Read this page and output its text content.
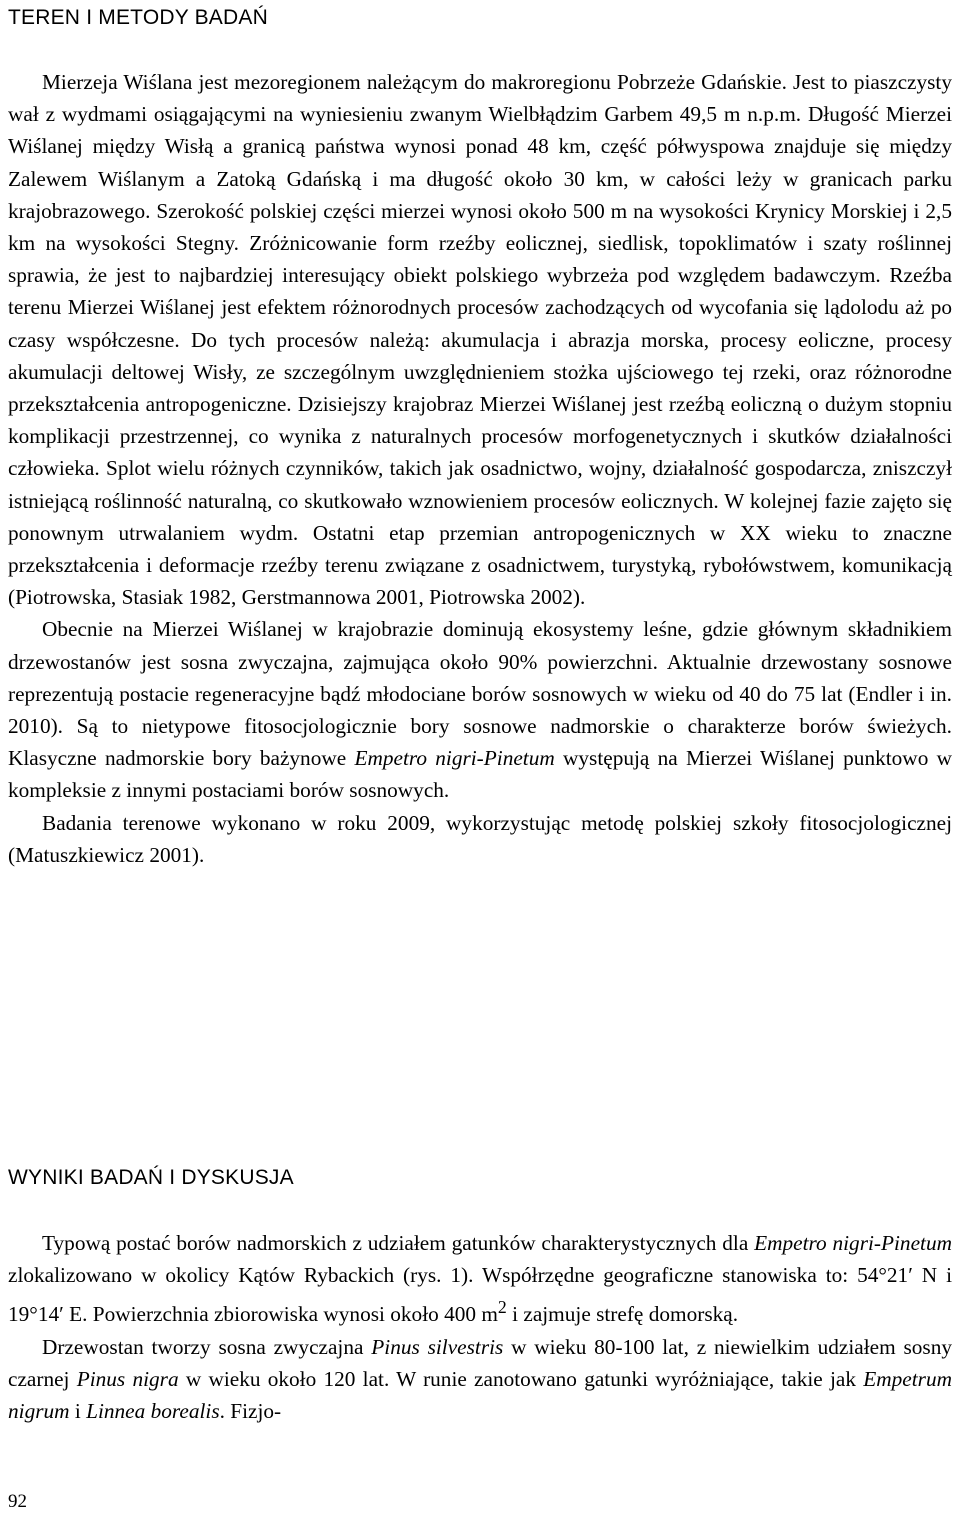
TEREN I METODY BADAŃ

Mierzeja Wiślana jest mezoregionem należącym do makroregionu Pobrzeże Gdańskie. Jest to piaszczysty wał z wydmami osiągającymi na wyniesieniu zwanym Wielbłądzim Garbem 49,5 m n.p.m. Długość Mierzei Wiślanej między Wisłą a granicą państwa wynosi ponad 48 km, część półwyspowa znajduje się między Zalewem Wiślanym a Zatoką Gdańską i ma długość około 30 km, w całości leży w granicach parku krajobrazowego. Szerokość polskiej części mierzei wynosi około 500 m na wysokości Krynicy Morskiej i 2,5 km na wysokości Stegny. Zróżnicowanie form rzeźby eolicznej, siedlisk, topoklimatów i szaty roślinnej sprawia, że jest to najbardziej interesujący obiekt polskiego wybrzeża pod względem badawczym. Rzeźba terenu Mierzei Wiślanej jest efektem różnorodnych procesów zachodzących od wycofania się lądolodu aż po czasy współczesne. Do tych procesów należą: akumulacja i abrazja morska, procesy eoliczne, procesy akumulacji deltowej Wisły, ze szczególnym uwzględnieniem stożka ujściowego tej rzeki, oraz różnorodne przekształcenia antropogeniczne. Dzisiejszy krajobraz Mierzei Wiślanej jest rzeźbą eoliczną o dużym stopniu komplikacji przestrzennej, co wynika z naturalnych procesów morfogenetycznych i skutków działalności człowieka. Splot wielu różnych czynników, takich jak osadnictwo, wojny, działalność gospodarcza, zniszczył istniejącą roślinność naturalną, co skutkowało wznowieniem procesów eolicznych. W kolejnej fazie zajęto się ponownym utrwalaniem wydm. Ostatni etap przemian antropogenicznych w XX wieku to znaczne przekształcenia i deformacje rzeźby terenu związane z osadnictwem, turystyką, rybołówstwem, komunikacją (Piotrowska, Stasiak 1982, Gerstmannowa 2001, Piotrowska 2002).

Obecnie na Mierzei Wiślanej w krajobrazie dominują ekosystemy leśne, gdzie głównym składnikiem drzewostanów jest sosna zwyczajna, zajmująca około 90% powierzchni. Aktualnie drzewostany sosnowe reprezentują postacie regeneracyjne bądź młodociane borów sosnowych w wieku od 40 do 75 lat (Endler i in. 2010). Są to nietypowe fitosocjologicznie bory sosnowe nadmorskie o charakterze borów świeżych. Klasyczne nadmorskie bory bażynowe Empetro nigri-Pinetum występują na Mierzei Wiślanej punktowo w kompleksie z innymi postaciami borów sosnowych.

Badania terenowe wykonano w roku 2009, wykorzystując metodę polskiej szkoły fitosocjologicznej (Matuszkiewicz 2001).

WYNIKI BADAŃ I DYSKUSJA

Typową postać borów nadmorskich z udziałem gatunków charakterystycznych dla Empetro nigri-Pinetum zlokalizowano w okolicy Kątów Rybackich (rys. 1). Współrzędne geograficzne stanowiska to: 54°21′ N i 19°14′ E. Powierzchnia zbiorowiska wynosi około 400 $m^2$ i zajmuje strefę domorską.

Drzewostan tworzy sosna zwyczajna Pinus silvestris w wieku 80-100 lat, z niewielkim udziałem sosny czarnej Pinus nigra w wieku około 120 lat. W runie zanotowano gatunki wyróżniające, takie jak Empetrum nigrum i Linnea borealis. Fizjo-

92
